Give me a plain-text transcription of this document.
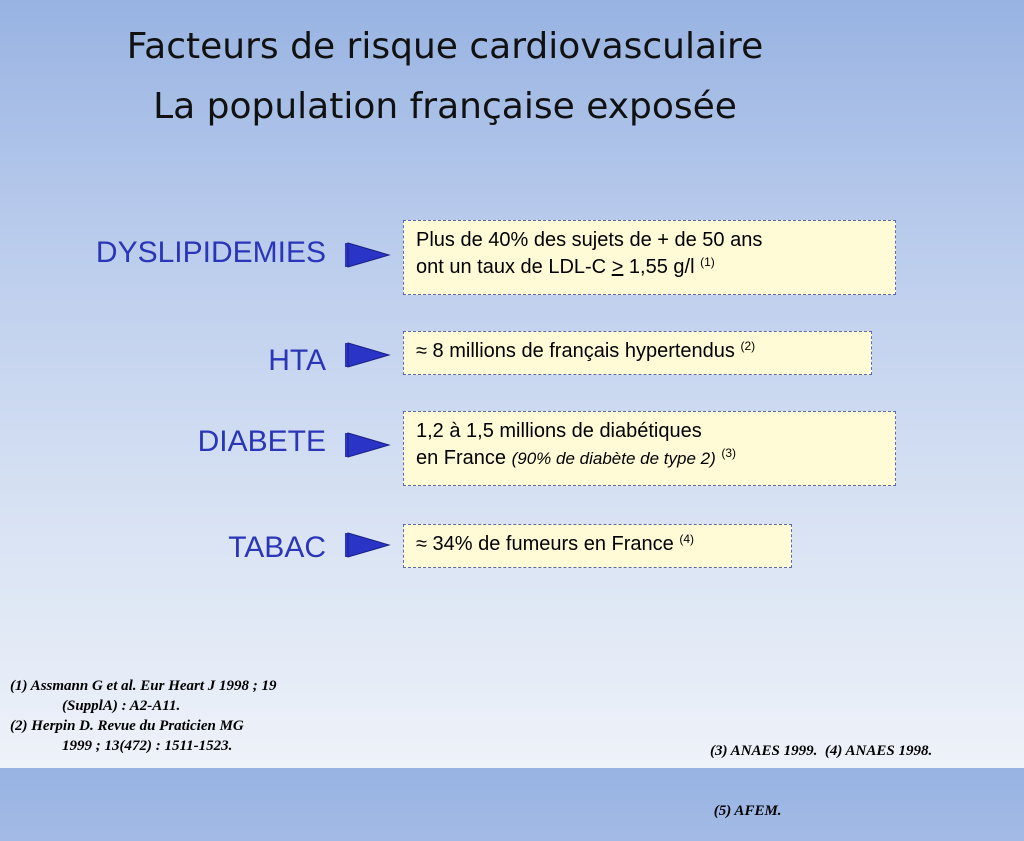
Facteurs de risque cardiovasculaire
La population française exposée
DYSLIPIDEMIES	Plus de 40% des sujets de + de 50 ans
ont un taux de LDL-C > 1,55 g/l $^{(1)}$
HTA	≈ 8 millions de français hypertendus $^{(2)}$
DIABETE	1,2 à 1,5 millions de diabétiques
en France (90% de diabète de type 2) $^{(3)}$
TABAC	≈ 34% de fumeurs en France $^{(4)}$
(1) Assmann G et al. Eur Heart J 1998 ; 19
(SupplA) : A2-A11.
(2) Herpin D. Revue du Praticien MG
1999 ; 13(472) : 1511-1523.

	(3) ANAES 1999.  (4) ANAES 1998.

(5) AFEM.
